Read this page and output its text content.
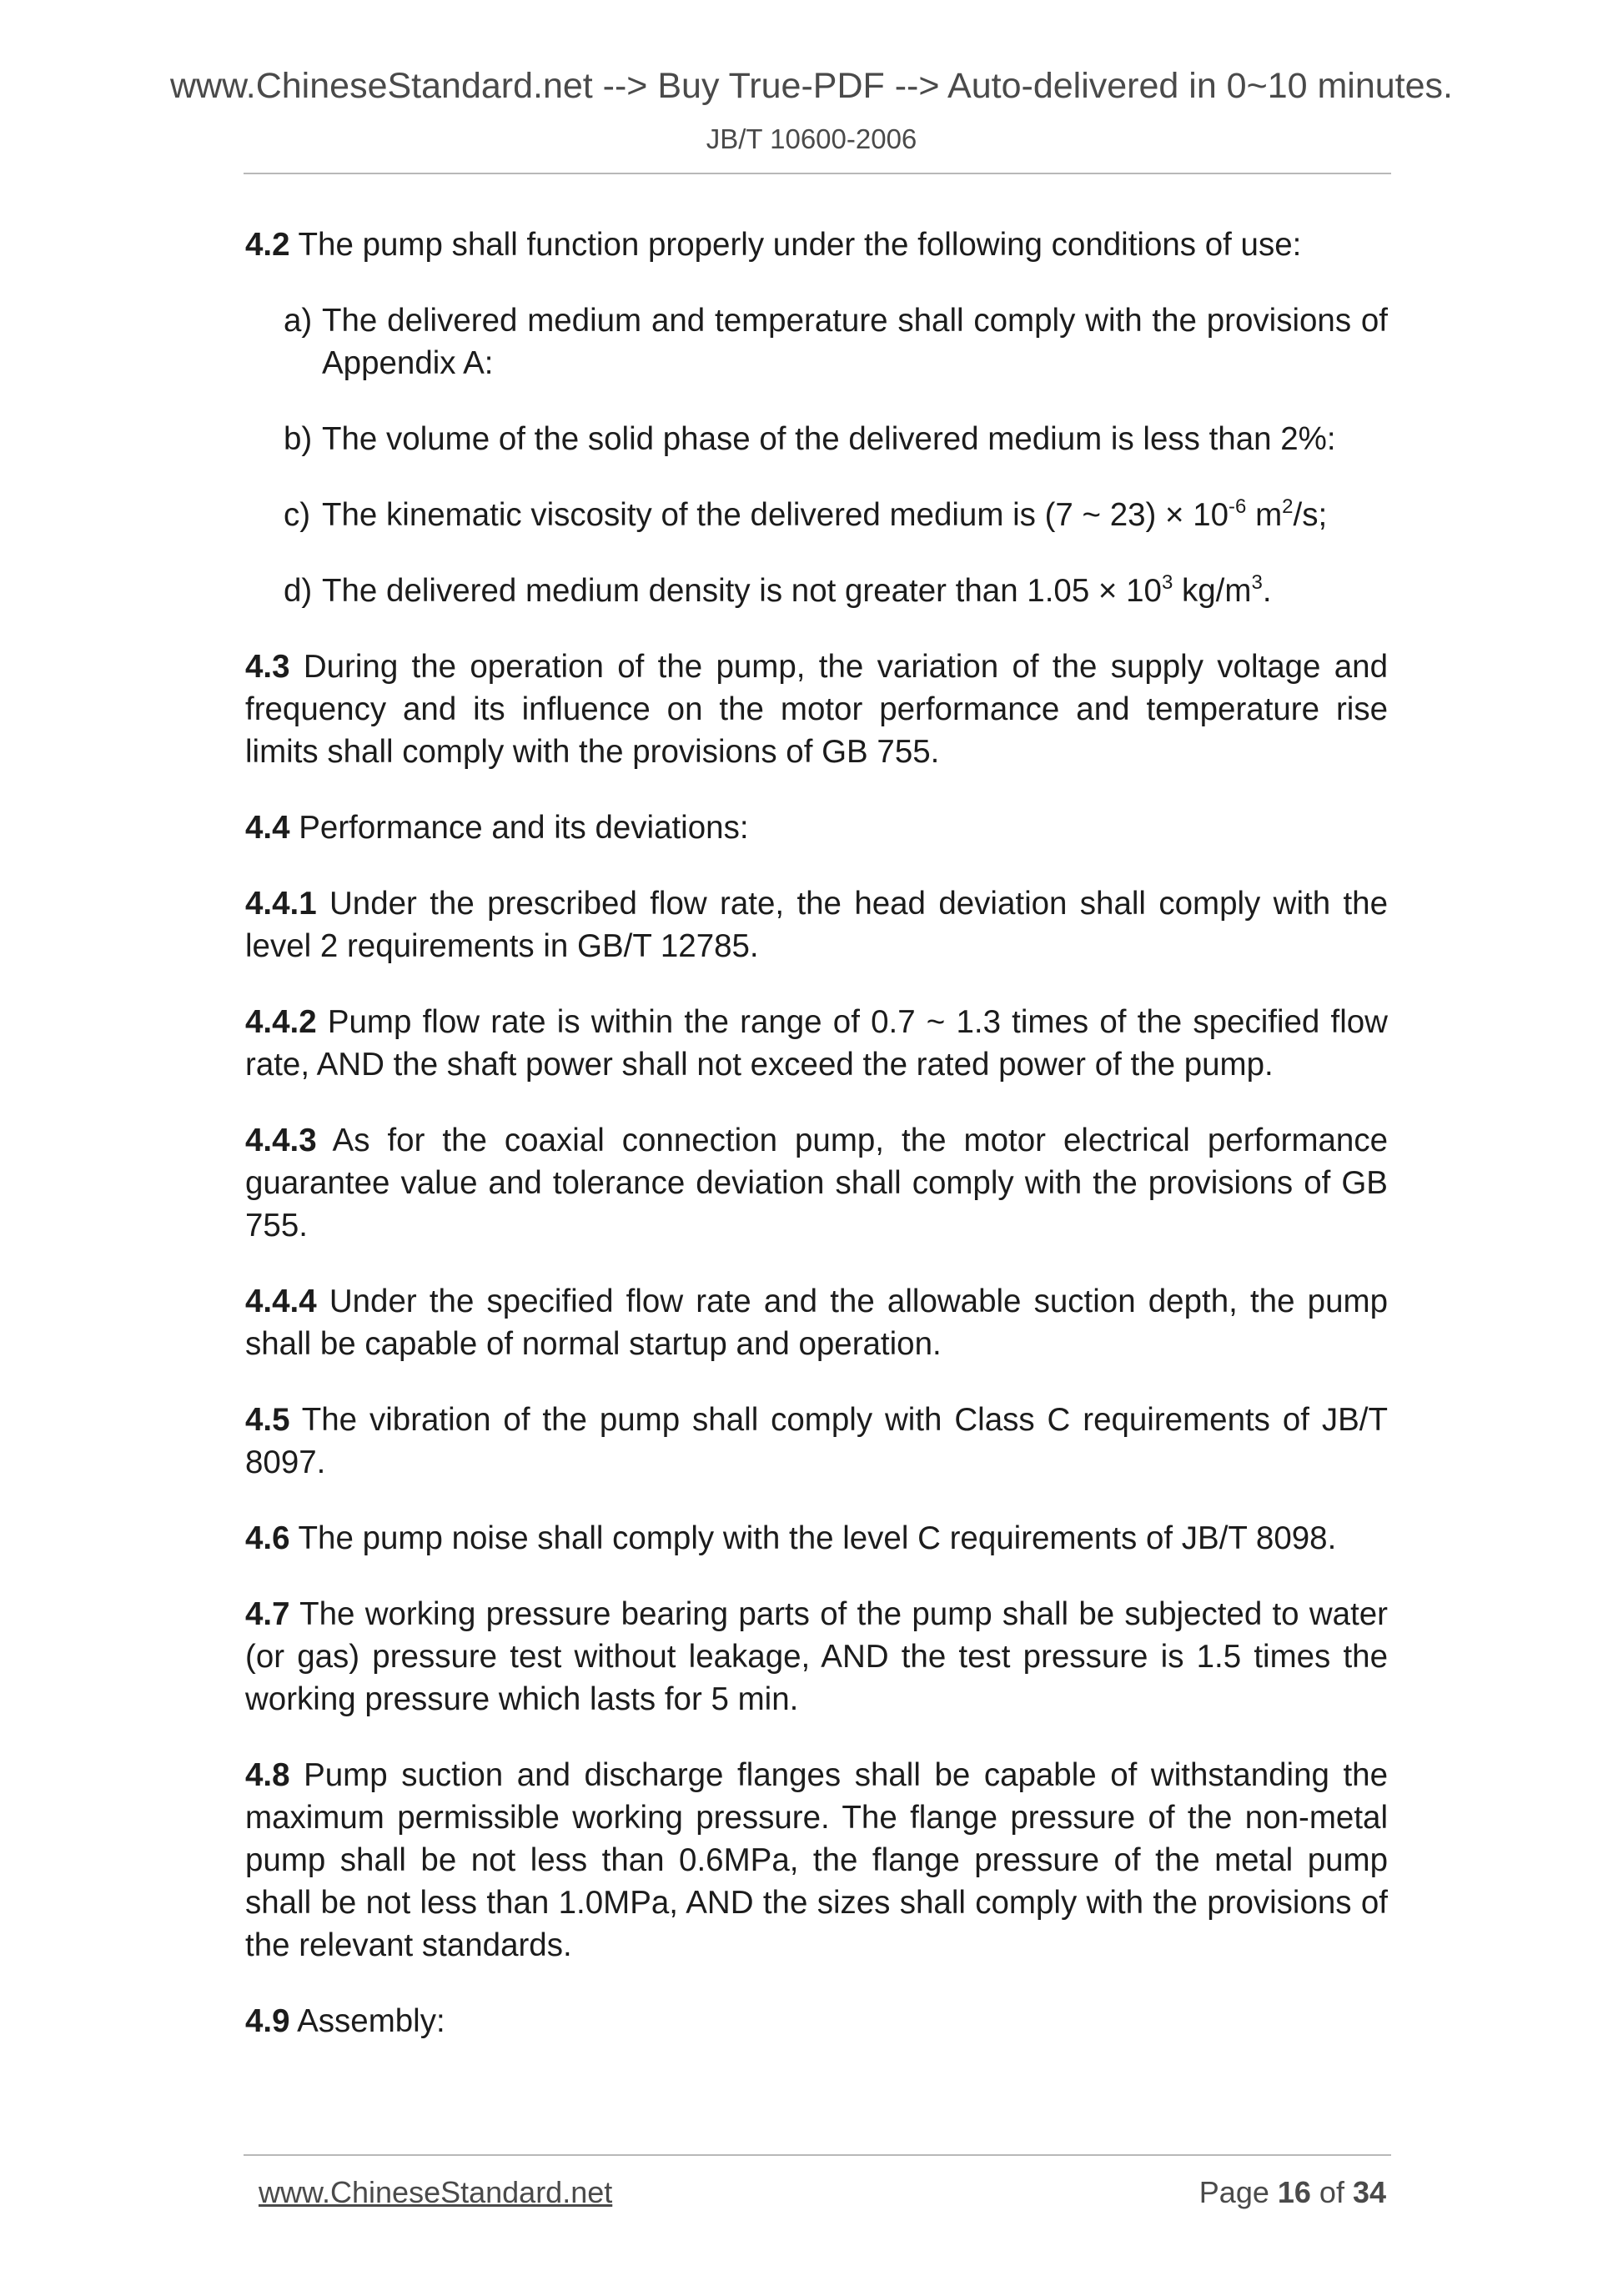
www.ChineseStandard.net --> Buy True-PDF --> Auto-delivered in 0~10 minutes.
JB/T 10600-2006

4.2 The pump shall function properly under the following conditions of use:

a) The delivered medium and temperature shall comply with the provisions of Appendix A:
b) The volume of the solid phase of the delivered medium is less than 2%:
c) The kinematic viscosity of the delivered medium is (7 ~ $23) \times 10^{-6}$ $m^2/s$;
d) The delivered medium density is not greater than $1.05 \times 10^3$ $kg/m^3$.

4.3 During the operation of the pump, the variation of the supply voltage and frequency and its influence on the motor performance and temperature rise limits shall comply with the provisions of GB 755.

4.4 Performance and its deviations:

4.4.1 Under the prescribed flow rate, the head deviation shall comply with the level 2 requirements in GB/T 12785.

4.4.2 Pump flow rate is within the range of 0.7 ~ 1.3 times of the specified flow rate, AND the shaft power shall not exceed the rated power of the pump.

4.4.3 As for the coaxial connection pump, the motor electrical performance guarantee value and tolerance deviation shall comply with the provisions of GB 755.

4.4.4 Under the specified flow rate and the allowable suction depth, the pump shall be capable of normal startup and operation.

4.5 The vibration of the pump shall comply with Class C requirements of JB/T 8097.

4.6 The pump noise shall comply with the level C requirements of JB/T 8098.

4.7 The working pressure bearing parts of the pump shall be subjected to water (or gas) pressure test without leakage, AND the test pressure is 1.5 times the working pressure which lasts for 5 min.

4.8 Pump suction and discharge flanges shall be capable of withstanding the maximum permissible working pressure. The flange pressure of the non-metal pump shall be not less than 0.6MPa, the flange pressure of the metal pump shall be not less than 1.0MPa, AND the sizes shall comply with the provisions of the relevant standards.

4.9 Assembly:

www.ChineseStandard.net	Page 16 of 34
